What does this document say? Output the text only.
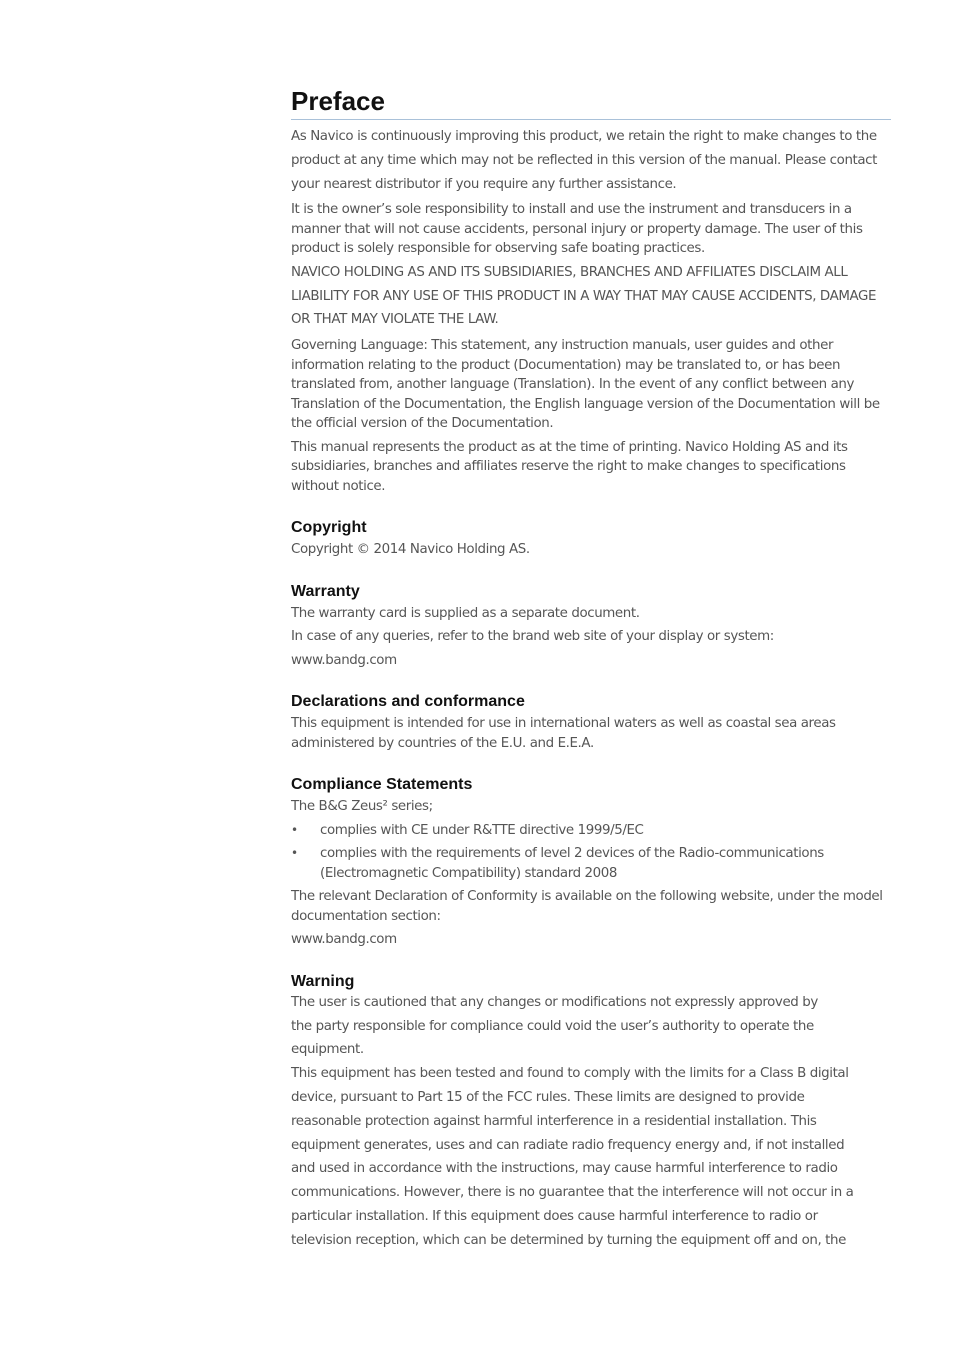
Preface

As Navico is continuously improving this product, we retain the right to make changes to the product at any time which may not be reflected in this version of the manual. Please contact your nearest distributor if you require any further assistance.

It is the owner’s sole responsibility to install and use the instrument and transducers in a manner that will not cause accidents, personal injury or property damage. The user of this product is solely responsible for observing safe boating practices.

NAVICO HOLDING AS AND ITS SUBSIDIARIES, BRANCHES AND AFFILIATES DISCLAIM ALL LIABILITY FOR ANY USE OF THIS PRODUCT IN A WAY THAT MAY CAUSE ACCIDENTS, DAMAGE OR THAT MAY VIOLATE THE LAW.

Governing Language: This statement, any instruction manuals, user guides and other information relating to the product (Documentation) may be translated to, or has been translated from, another language (Translation). In the event of any conflict between any Translation of the Documentation, the English language version of the Documentation will be the official version of the Documentation.

This manual represents the product as at the time of printing. Navico Holding AS and its subsidiaries, branches and affiliates reserve the right to make changes to specifications without notice.

Copyright

Copyright © 2014 Navico Holding AS.

Warranty

The warranty card is supplied as a separate document.

In case of any queries, refer to the brand web site of your display or system:

www.bandg.com

Declarations and conformance

This equipment is intended for use in international waters as well as coastal sea areas administered by countries of the E.U. and E.E.A.

Compliance Statements

The B&G Zeus² series;

• complies with CE under R&TTE directive 1999/5/EC
• complies with the requirements of level 2 devices of the Radio-communications (Electromagnetic Compatibility) standard 2008

The relevant Declaration of Conformity is available on the following website, under the model documentation section:

www.bandg.com

Warning

The user is cautioned that any changes or modifications not expressly approved by the party responsible for compliance could void the user’s authority to operate the equipment.

This equipment has been tested and found to comply with the limits for a Class B digital device, pursuant to Part 15 of the FCC rules. These limits are designed to provide reasonable protection against harmful interference in a residential installation. This equipment generates, uses and can radiate radio frequency energy and, if not installed and used in accordance with the instructions, may cause harmful interference to radio communications. However, there is no guarantee that the interference will not occur in a particular installation. If this equipment does cause harmful interference to radio or television reception, which can be determined by turning the equipment off and on, the
